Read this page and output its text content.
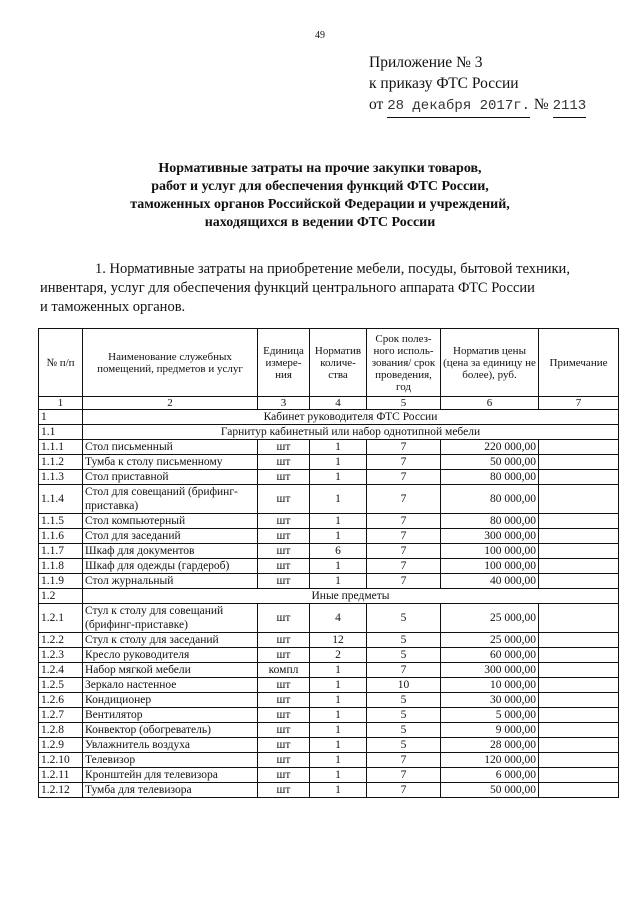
49
Приложение № 3
к приказу ФТС России
от 28 декабря 2017г. № 2113
Нормативные затраты на прочие закупки товаров,
работ и услуг для обеспечения функций ФТС России,
таможенных органов Российской Федерации и учреждений,
находящихся в ведении ФТС России
1. Нормативные затраты на приобретение мебели, посуды, бытовой техники,
инвентаря, услуг для обеспечения функций центрального аппарата ФТС России
и таможенных органов.
№ п/п	Наименование служебных помещений, предметов и услуг	Единица измере-ния	Норматив количе-ства	Срок полез-ного исполь-зования/ срок проведения, год	Норматив цены (цена за единицу не более), руб.	Примечание
1	2	3	4	5	6	7
1	Кабинет руководителя ФТС России					
1.1	Гарнитур кабинетный или набор однотипной мебели					
1.1.1	Стол письменный	шт	1	7	220 000,00	
1.1.2	Тумба к столу письменному	шт	1	7	50 000,00	
1.1.3	Стол приставной	шт	1	7	80 000,00	
1.1.4	Стол для совещаний (брифинг-приставка)	шт	1	7	80 000,00	
1.1.5	Стол компьютерный	шт	1	7	80 000,00	
1.1.6	Стол для заседаний	шт	1	7	300 000,00	
1.1.7	Шкаф для документов	шт	6	7	100 000,00	
1.1.8	Шкаф для одежды (гардероб)	шт	1	7	100 000,00	
1.1.9	Стол журнальный	шт	1	7	40 000,00	
1.2	Иные предметы					
1.2.1	Стул к столу для совещаний (брифинг-приставке)	шт	4	5	25 000,00	
1.2.2	Стул к столу для заседаний	шт	12	5	25 000,00	
1.2.3	Кресло руководителя	шт	2	5	60 000,00	
1.2.4	Набор мягкой мебели	компл	1	7	300 000,00	
1.2.5	Зеркало настенное	шт	1	10	10 000,00	
1.2.6	Кондиционер	шт	1	5	30 000,00	
1.2.7	Вентилятор	шт	1	5	5 000,00	
1.2.8	Конвектор (обогреватель)	шт	1	5	9 000,00	
1.2.9	Увлажнитель воздуха	шт	1	5	28 000,00	
1.2.10	Телевизор	шт	1	7	120 000,00	
1.2.11	Кронштейн для телевизора	шт	1	7	6 000,00	
1.2.12	Тумба для телевизора	шт	1	7	50 000,00	
